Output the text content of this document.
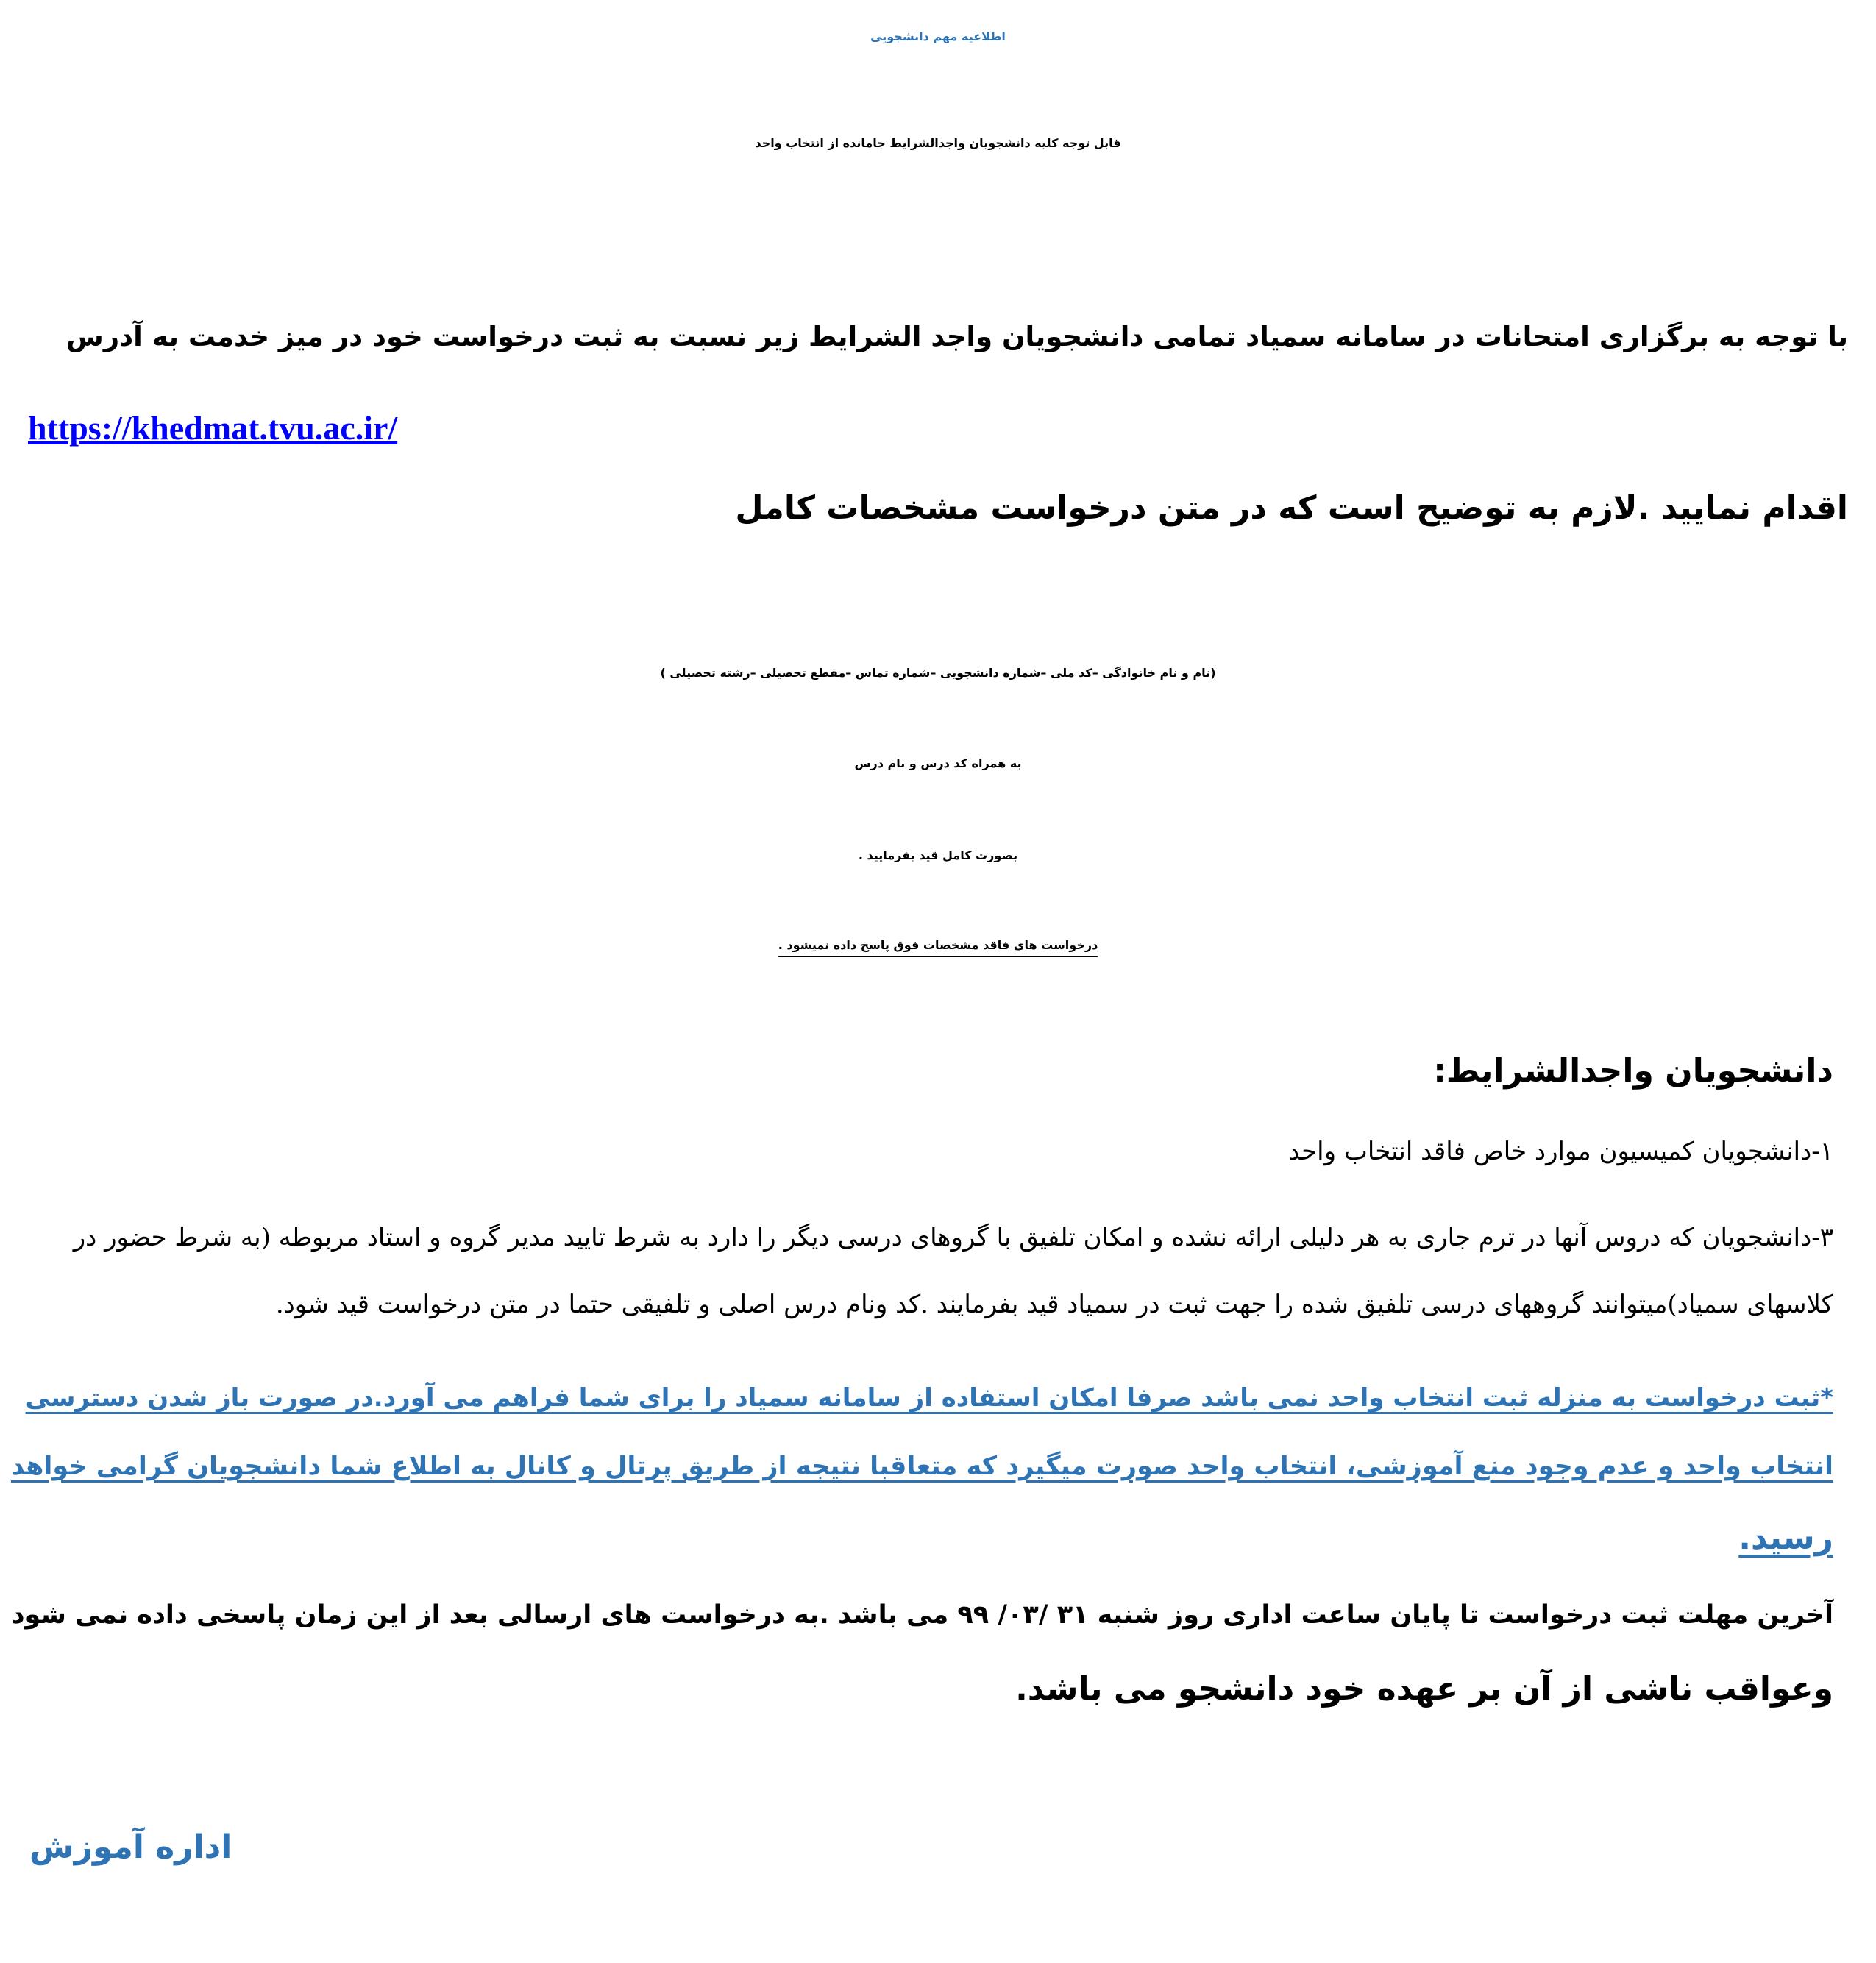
اطلاعیه مهم دانشجویی
قابل توجه کلیه دانشجویان واجدالشرایط جامانده از انتخاب واحد
با توجه به برگزاری امتحانات در سامانه سمیاد تمامی دانشجویان واجد الشرایط زیر نسبت به ثبت درخواست خود در میز خدمت به آدرس
https://khedmat.tvu.ac.ir/
اقدام نمایید .لازم به توضیح است که در متن درخواست مشخصات کامل
(نام و نام خانوادگی –کد ملی –شماره دانشجویی –شماره تماس –مقطع تحصیلی –رشته تحصیلی )
به همراه کد درس و نام درس
بصورت کامل قید بفرمایید .
درخواست های فاقد مشخصات فوق پاسخ داده نمیشود .
دانشجویان واجدالشرایط:
۱-دانشجویان کمیسیون موارد خاص فاقد انتخاب واحد
۳-دانشجویان که دروس آنها در ترم جاری به هر دلیلی ارائه نشده و امکان تلفیق با گروهای درسی دیگر را دارد به شرط تایید مدیر گروه و استاد مربوطه (به شرط حضور در
کلاسهای سمیاد)میتوانند گروههای درسی تلفیق شده را جهت ثبت در سمیاد قید بفرمایند .کد ونام درس اصلی و تلفیقی حتما در متن درخواست قید شود.
*ثبت درخواست به منزله ثبت انتخاب واحد نمی باشد صرفا امکان استفاده از سامانه سمیاد را برای شما فراهم می آورد.در صورت باز شدن دسترسی
انتخاب واحد و عدم وجود منع آموزشی، انتخاب واحد صورت میگیرد که متعاقبا نتیجه از طریق پرتال و کانال به اطلاع شما دانشجویان گرامی خواهد
رسید.
آخرین مهلت ثبت درخواست تا پایان ساعت اداری روز شنبه ۳۱ /۰۳/ ۹۹ می باشد .به درخواست های ارسالی بعد از این زمان پاسخی داده نمی شود
وعواقب ناشی از آن بر عهده خود دانشجو می باشد.
اداره آموزش
